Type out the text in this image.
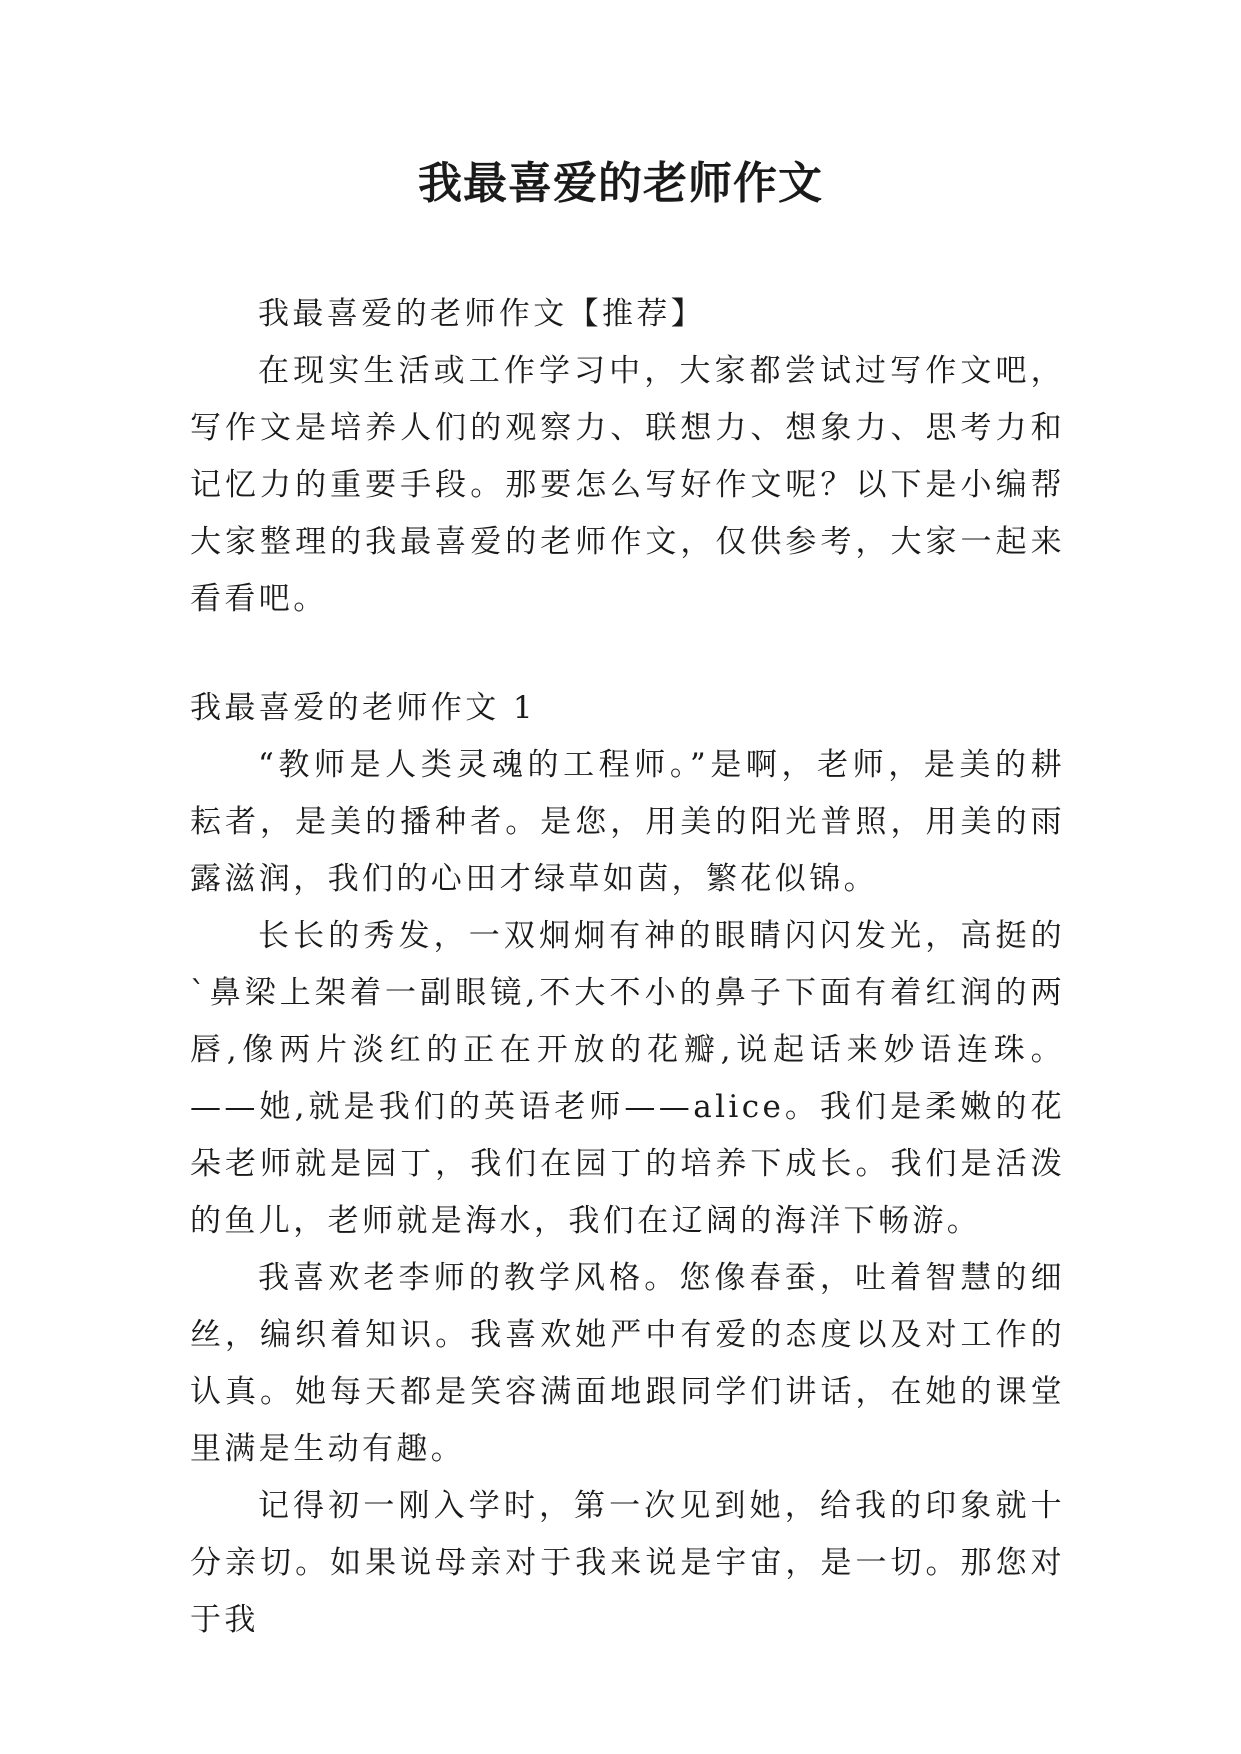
我最喜爱的老师作文

我最喜爱的老师作文【推荐】

在现实生活或工作学习中，大家都尝试过写作文吧，写作文是培养人们的观察力、联想力、想象力、思考力和记忆力的重要手段。那要怎么写好作文呢？以下是小编帮大家整理的我最喜爱的老师作文，仅供参考，大家一起来看看吧。

我最喜爱的老师作文 1

“教师是人类灵魂的工程师。”是啊，老师，是美的耕耘者，是美的播种者。是您，用美的阳光普照，用美的雨露滋润，我们的心田才绿草如茵，繁花似锦。

长长的秀发，一双炯炯有神的眼睛闪闪发光，高挺的`鼻梁上架着一副眼镜,不大不小的鼻子下面有着红润的两唇,像两片淡红的正在开放的花瓣,说起话来妙语连珠。——她,就是我们的英语老师——alice。我们是柔嫩的花朵老师就是园丁，我们在园丁的培养下成长。我们是活泼的鱼儿，老师就是海水，我们在辽阔的海洋下畅游。

我喜欢老李师的教学风格。您像春蚕，吐着智慧的细丝，编织着知识。我喜欢她严中有爱的态度以及对工作的认真。她每天都是笑容满面地跟同学们讲话，在她的课堂里满是生动有趣。

记得初一刚入学时，第一次见到她，给我的印象就十分亲切。如果说母亲对于我来说是宇宙，是一切。那您对于我
